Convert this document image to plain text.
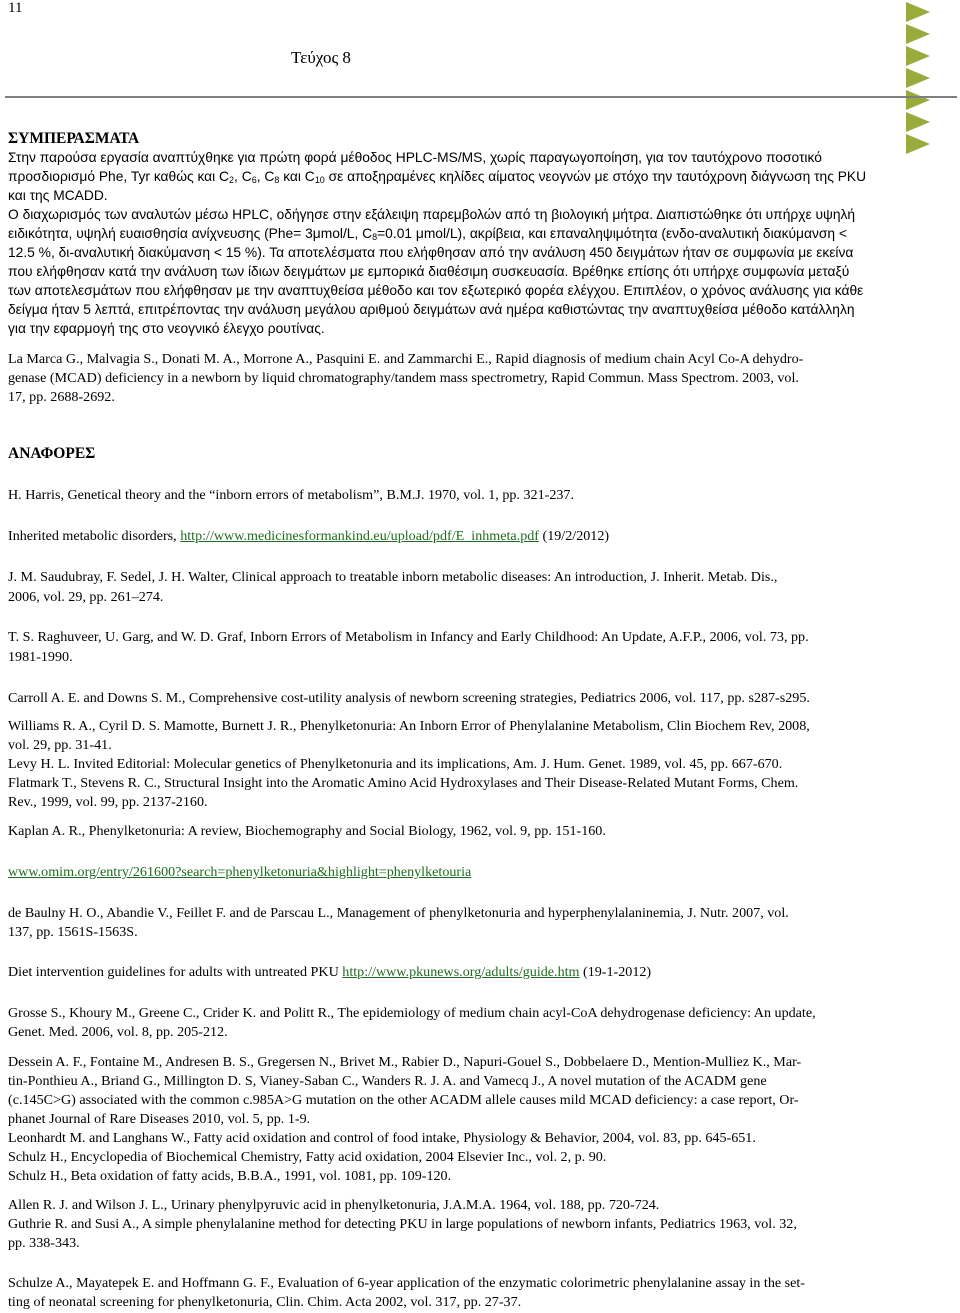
11
Τεύχος 8
ΣΥΜΠΕΡΑΣΜΑΤΑ
Στην παρούσα εργασία αναπτύχθηκε για πρώτη φορά μέθοδος HPLC-MS/MS, χωρίς παραγωγοποίηση, για τον ταυτόχρονο ποσοτικό
προσδιορισμό Phe, Tyr καθώς και $C_2$, $C_6$, $C_8$ και $C_{10}$ σε αποξηραμένες κηλίδες αίματος νεογνών με στόχο την ταυτόχρονη διάγνωση της PKU
και της MCADD.
Ο διαχωρισμός των αναλυτών μέσω HPLC, οδήγησε στην εξάλειψη παρεμβολών από τη βιολογική μήτρα. Διαπιστώθηκε ότι υπήρχε υψηλή
ειδικότητα, υψηλή ευαισθησία ανίχνευσης (Phe= 3μmol/L, $C_8=0.01$ μmol/L), ακρίβεια, και επαναληψιμότητα (ενδο-αναλυτική διακύμανση <
12.5 %, δι-αναλυτική διακύμανση < 15 %). Τα αποτελέσματα που ελήφθησαν από την ανάλυση 450 δειγμάτων ήταν σε συμφωνία με εκείνα
που ελήφθησαν κατά την ανάλυση των ίδιων δειγμάτων με εμπορικά διαθέσιμη συσκευασία. Βρέθηκε επίσης ότι υπήρχε συμφωνία μεταξύ
των αποτελεσμάτων που ελήφθησαν με την αναπτυχθείσα μέθοδο και τον εξωτερικό φορέα ελέγχου. Επιπλέον, ο χρόνος ανάλυσης για κάθε
δείγμα ήταν 5 λεπτά, επιτρέποντας την ανάλυση μεγάλου αριθμού δειγμάτων ανά ημέρα καθιστώντας την αναπτυχθείσα μέθοδο κατάλληλη
για την εφαρμογή της στο νεογνικό έλεγχο ρουτίνας.
La Marca G., Malvagia S., Donati M. A., Morrone A., Pasquini E. and Zammarchi E., Rapid diagnosis of medium chain Acyl Co-A dehydro-
genase (MCAD) deficiency in a newborn by liquid chromatography/tandem mass spectrometry, Rapid Commun. Mass Spectrom. 2003, vol.
17, pp. 2688-2692.
ΑΝΑΦΟΡΕΣ
H. Harris, Genetical theory and the “inborn errors of metabolism”, B.M.J. 1970, vol. 1, pp. 321-237.
Inherited metabolic disorders, http://www.medicinesformankind.eu/upload/pdf/E_inhmeta.pdf (19/2/2012)
J. M. Saudubray, F. Sedel, J. H. Walter, Clinical approach to treatable inborn metabolic diseases: An introduction, J. Inherit. Metab. Dis.,
2006, vol. 29, pp. 261–274.
T. S. Raghuveer, U. Garg, and W. D. Graf, Inborn Errors of Metabolism in Infancy and Early Childhood: An Update, A.F.P., 2006, vol. 73, pp.
1981-1990.
Carroll A. E. and Downs S. M., Comprehensive cost-utility analysis of newborn screening strategies, Pediatrics 2006, vol. 117, pp. s287-s295.
Williams R. A., Cyril D. S. Mamotte, Burnett J. R., Phenylketonuria: An Inborn Error of Phenylalanine Metabolism, Clin Biochem Rev, 2008,
vol. 29, pp. 31-41.
Levy H. L. Invited Editorial: Molecular genetics of Phenylketonuria and its implications, Am. J. Hum. Genet. 1989, vol. 45, pp. 667-670.
Flatmark T., Stevens R. C., Structural Insight into the Aromatic Amino Acid Hydroxylases and Their Disease-Related Mutant Forms, Chem.
Rev., 1999, vol. 99, pp. 2137-2160.
Kaplan A. R., Phenylketonuria: A review, Biochemography and Social Biology, 1962, vol. 9, pp. 151-160.
www.omim.org/entry/261600?search=phenylketonuria&highlight=phenylketouria
de Baulny H. O., Abandie V., Feillet F. and de Parscau L., Management of phenylketonuria and hyperphenylalaninemia, J. Nutr. 2007, vol.
137, pp. 1561S-1563S.
Diet intervention guidelines for adults with untreated PKU http://www.pkunews.org/adults/guide.htm (19-1-2012)
Grosse S., Khoury M., Greene C., Crider K. and Politt R., The epidemiology of medium chain acyl-CoA dehydrogenase deficiency: An update,
Genet. Med. 2006, vol. 8, pp. 205-212.
Dessein A. F., Fontaine M., Andresen B. S., Gregersen N., Brivet M., Rabier D., Napuri-Gouel S., Dobbelaere D., Mention-Mulliez K., Mar-
tin-Ponthieu A., Briand G., Millington D. S, Vianey-Saban C., Wanders R. J. A. and Vamecq J., A novel mutation of the ACADM gene
(c.145C>G) associated with the common c.985A>G mutation on the other ACADM allele causes mild MCAD deficiency: a case report, Or-
phanet Journal of Rare Diseases 2010, vol. 5, pp. 1-9.
Leonhardt M. and Langhans W., Fatty acid oxidation and control of food intake, Physiology & Behavior, 2004, vol. 83, pp. 645-651.
Schulz H., Encyclopedia of Biochemical Chemistry, Fatty acid oxidation, 2004 Elsevier Inc., vol. 2, p. 90.
Schulz H., Beta oxidation of fatty acids, B.B.A., 1991, vol. 1081, pp. 109-120.
Allen R. J. and Wilson J. L., Urinary phenylpyruvic acid in phenylketonuria, J.A.M.A. 1964, vol. 188, pp. 720-724.
Guthrie R. and Susi A., A simple phenylalanine method for detecting PKU in large populations of newborn infants, Pediatrics 1963, vol. 32,
pp. 338-343.
Schulze A., Mayatepek E. and Hoffmann G. F., Evaluation of 6-year application of the enzymatic colorimetric phenylalanine assay in the set-
ting of neonatal screening for phenylketonuria, Clin. Chim. Acta 2002, vol. 317, pp. 27-37.
